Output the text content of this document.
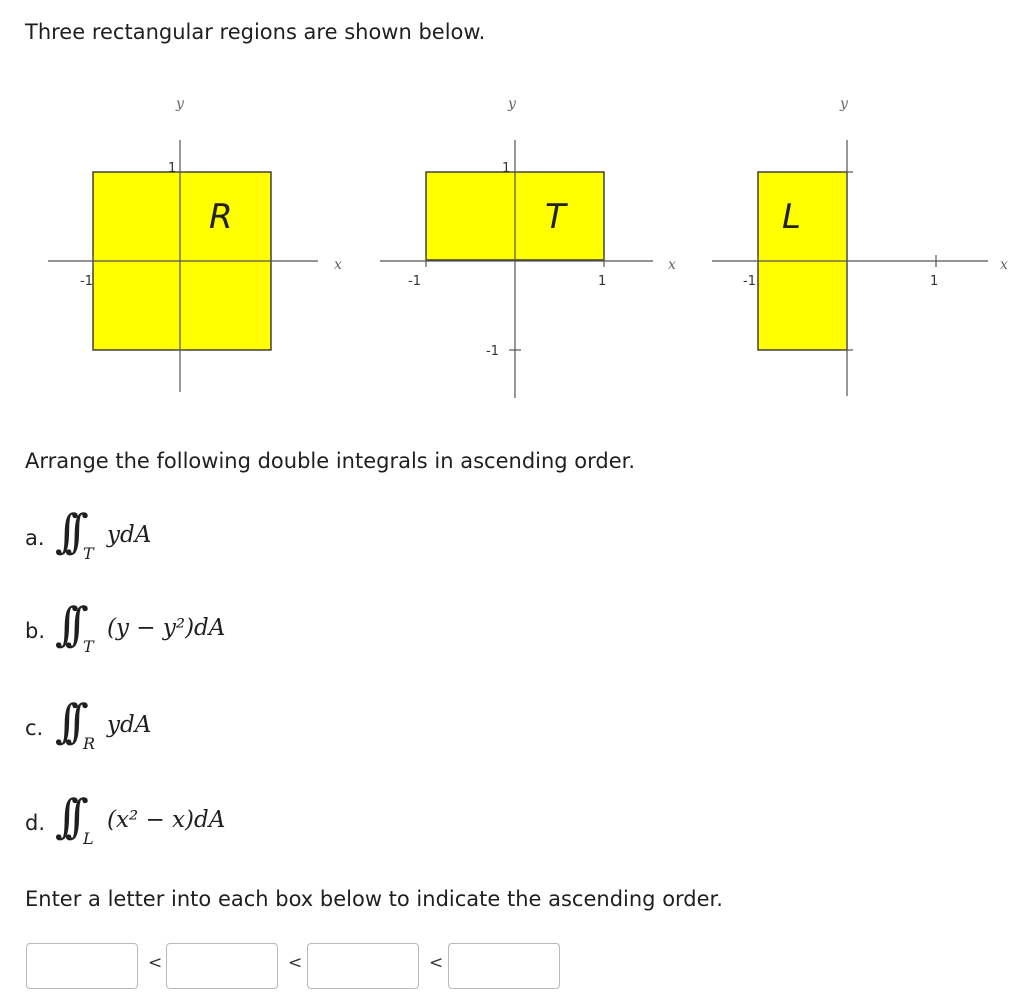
Three rectangular regions are shown below.

y
x
-1
1
R
y
x
-1	1
-1
1
T
y
x
-1	1
L

Arrange the following double integrals in ascending order.

a. ∫∫ T
ydA
b. ∫∫ T
(y − y²)dA
c. ∫∫ R
ydA
d. ∫∫ L
(x² − x)dA

Enter a letter into each box below to indicate the ascending order.

<	<	<
